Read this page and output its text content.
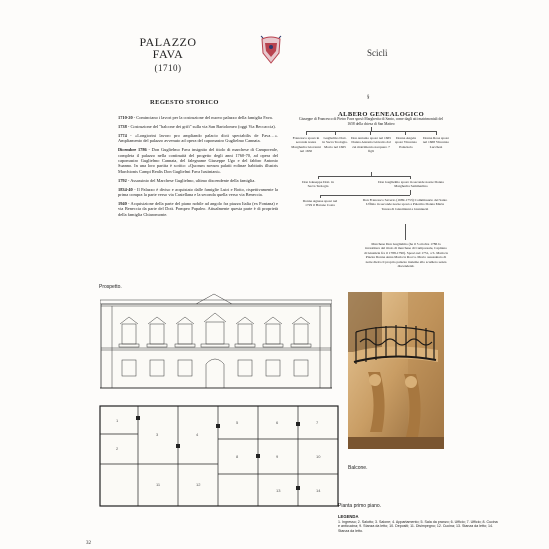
PALAZZO
FAVA
(1710)
Scicli
REGESTO STORICO

1710-20 - Cominciano i lavori per la costruzione del nuovo palazzo della famiglia Fava.

1738 - Costruzione del "balcone dei grifi" sulla via San Bartolomeo (oggi Via Beccaccia).

1774 - «Longiorini lavoro pro ampliando palacio dicti spectabilis de Fava…». Ampliamento del palazzo avvenuto ad opera del capomastro Guglielmo Cannata.

Dicembre 1786 - Don Guglielmo Fava insignito del titolo di marchese di Camporeale, completa il palazzo nella continuità del progetto degli anni 1760-70, ad opera del capomastro Guglielmo Cannata, del falegname Giuseppe Ugo e del fabbro Antonio Suanno. In una loro partita è scritto: «Quorum novum palatii eolinae habitatis illustris Marchionis Campi Realis Don Guglielmi Fava Iustiniani».

1792 - Assassinio del Marchese Guglielmo, ultimo discendente della famiglia.

1834-40 - Il Palazzo è diviso e acquistato dalle famiglie Lutri e Botto, rispettivamente la prima compra la parte verso via Castellana e la seconda quella verso via Beneccia.

1940 - Acquisizione della parte del piano nobile ad angolo fra piazza Italia (ex Fontana) e via Beneccia da parte del Dott. Pompeo Papaleo. Attualmente questa parte è di proprietà della famiglia Chiaromonte.

§
ALBERO GENEALOGICO
Giuseppe di Francesco di Pietro Fava sposò Margherita di Santo, come dagli atti matrimoniali del 1658 della chiesa di San Matteo
Francesco sposò in seconde nozze Margherita Giovanni nel 1650
Guglielmo Dott. in Sacra Teologia. Morto nel 1665
Don Antonio sposò nel 1665 Donna Antonia Giavatto dal cui matrimonio nacquero 7 figli
Donna Angela sposò Vincenzo Palazzolo
Donna Rosa sposò nel 1668 Vincenzo Lucchesi
Don Giuseppe Dott. in Sacra Teologia
Don Guglielmo sposò in seconde nozze Donna Margherita Sammartino
Donna Agnese sposò nel 1729 il Barone Costa
Don Francesco Saverio (1689-1753) Commissario del Santo Uffizio in seconde nozze sposò a Palermo Donna Maria Teresa di Giustiniani e Giannuzzi
Marchese Don Guglielmo (ha il 5 ottobre 1786 la investitura del titolo di marchese di Camporeale, Capitano di Giustizia fra il 1788-1790). Sposò nel 1751, a S. Maria la Piazza Donna Anna Maria la Rocca. Morto assassinato di notte dietro il proprio palazzo insieme allo scudiero senza discendenti.
Prospetto.
Balcone.
1
2
3	4
5	6	7
8	9	10
11	12
13	14
Pianta primo piano.
LEGENDA
1. Ingresso; 2. Salotto; 3. Salone; 4. Appartamento; 5. Sala da pranzo; 6. Ufficio; 7. Ufficio; 8. Cucina e anticucina; 9. Stanza da letto; 10. Depositi; 11. Disimpegno; 12. Cucina; 13. Stanza da letto; 14. Stanza da letto.
32
